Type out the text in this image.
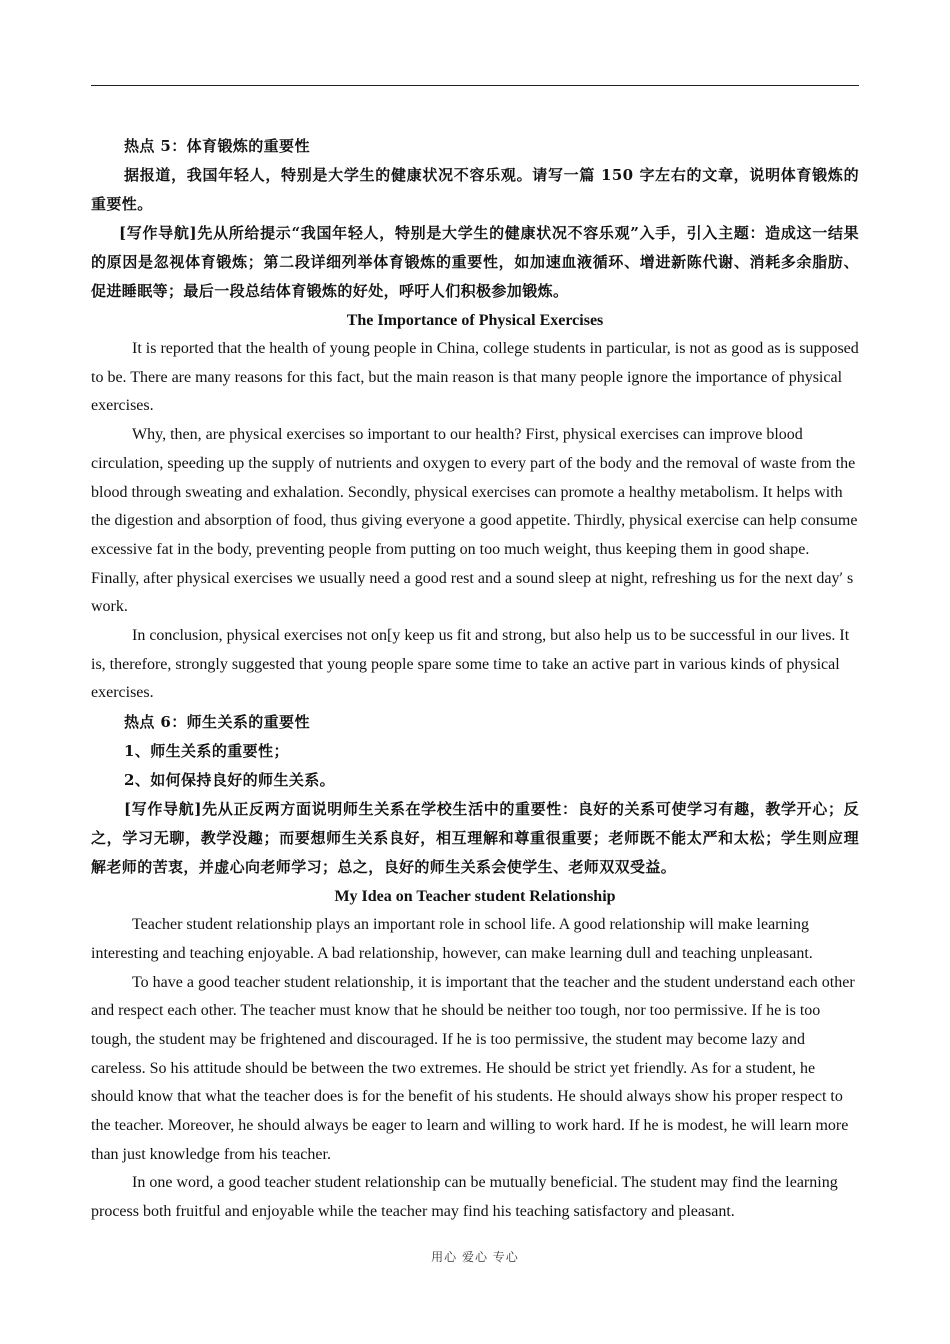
热点 5：体育锻炼的重要性

据报道，我国年轻人，特别是大学生的健康状况不容乐观。请写一篇 150 字左右的文章，说明体育锻炼的重要性。

[写作导航]先从所给提示“我国年轻人，特别是大学生的健康状况不容乐观”入手，引入主题：造成这一结果的原因是忽视体育锻炼；第二段详细列举体育锻炼的重要性，如加速血液循环、增进新陈代谢、消耗多余脂肪、促进睡眠等；最后一段总结体育锻炼的好处，呼吁人们积极参加锻炼。

The Importance of Physical Exercises

It is reported that the health of young people in China, college students in particular, is not as good as is supposed to be. There are many reasons for this fact, but the main reason is that many people ignore the importance of physical exercises.

Why, then, are physical exercises so important to our health? First, physical exercises can improve blood circulation, speeding up the supply of nutrients and oxygen to every part of the body and the removal of waste from the blood through sweating and exhalation. Secondly, physical exercises can promote a healthy metabolism. It helps with the digestion and absorption of food, thus giving everyone a good appetite. Thirdly, physical exercise can help consume excessive fat in the body, preventing people from putting on too much weight, thus keeping them in good shape. Finally, after physical exercises we usually need a good rest and a sound sleep at night, refreshing us for the next day′ s work.

In conclusion, physical exercises not on[y keep us fit and strong, but also help us to be successful in our lives. It is, therefore, strongly suggested that young people spare some time to take an active part in various kinds of physical exercises.

热点 6：师生关系的重要性

1、师生关系的重要性；

2、如何保持良好的师生关系。

[写作导航]先从正反两方面说明师生关系在学校生活中的重要性：良好的关系可使学习有趣，教学开心；反之，学习无聊，教学没趣；而要想师生关系良好，相互理解和尊重很重要；老师既不能太严和太松；学生则应理解老师的苦衷，并虚心向老师学习；总之，良好的师生关系会使学生、老师双双受益。

My Idea on Teacher student Relationship

Teacher student relationship plays an important role in school life. A good relationship will make learning interesting and teaching enjoyable. A bad relationship, however, can make learning dull and teaching unpleasant.

To have a good teacher student relationship, it is important that the teacher and the student understand each other and respect each other. The teacher must know that he should be neither too tough, nor too permissive. If he is too tough, the student may be frightened and discouraged. If he is too permissive, the student may become lazy and careless. So his attitude should be between the two extremes. He should be strict yet friendly. As for a student, he should know that what the teacher does is for the benefit of his students. He should always show his proper respect to the teacher. Moreover, he should always be eager to learn and willing to work hard. If he is modest, he will learn more than just knowledge from his teacher.

In one word, a good teacher student relationship can be mutually beneficial. The student may find the learning process both fruitful and enjoyable while the teacher may find his teaching satisfactory and pleasant.

用心 爱心 专心
